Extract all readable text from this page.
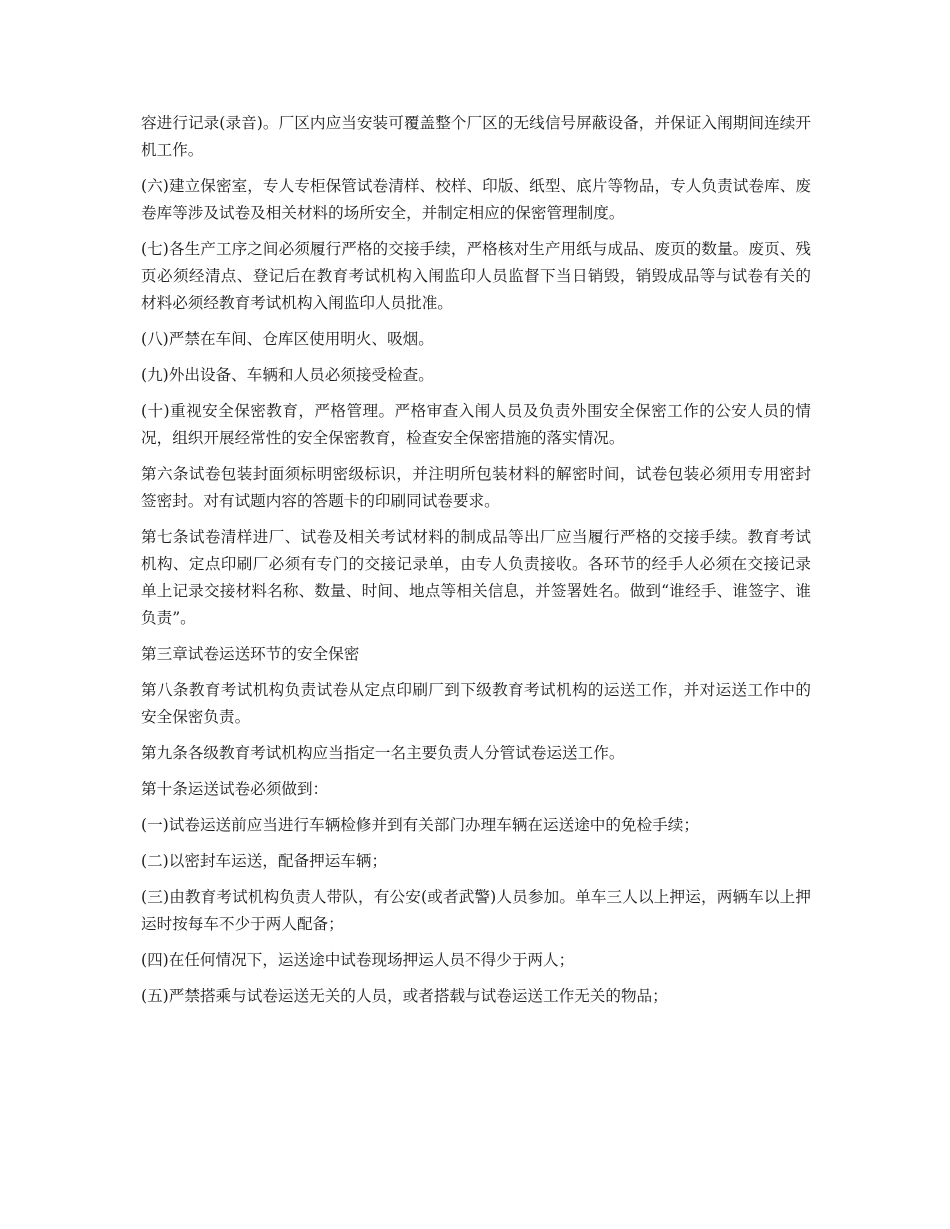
容进行记录(录音)。厂区内应当安装可覆盖整个厂区的无线信号屏蔽设备，并保证入闱期间连续开机工作。

(六)建立保密室，专人专柜保管试卷清样、校样、印版、纸型、底片等物品，专人负责试卷库、废卷库等涉及试卷及相关材料的场所安全，并制定相应的保密管理制度。

(七)各生产工序之间必须履行严格的交接手续，严格核对生产用纸与成品、废页的数量。废页、残页必须经清点、登记后在教育考试机构入闱监印人员监督下当日销毁，销毁成品等与试卷有关的材料必须经教育考试机构入闱监印人员批准。

(八)严禁在车间、仓库区使用明火、吸烟。

(九)外出设备、车辆和人员必须接受检查。

(十)重视安全保密教育，严格管理。严格审查入闱人员及负责外围安全保密工作的公安人员的情况，组织开展经常性的安全保密教育，检查安全保密措施的落实情况。

第六条试卷包装封面须标明密级标识，并注明所包装材料的解密时间，试卷包装必须用专用密封签密封。对有试题内容的答题卡的印刷同试卷要求。

第七条试卷清样进厂、试卷及相关考试材料的制成品等出厂应当履行严格的交接手续。教育考试机构、定点印刷厂必须有专门的交接记录单，由专人负责接收。各环节的经手人必须在交接记录单上记录交接材料名称、数量、时间、地点等相关信息，并签署姓名。做到“谁经手、谁签字、谁负责”。

第三章试卷运送环节的安全保密

第八条教育考试机构负责试卷从定点印刷厂到下级教育考试机构的运送工作，并对运送工作中的安全保密负责。

第九条各级教育考试机构应当指定一名主要负责人分管试卷运送工作。

第十条运送试卷必须做到：

(一)试卷运送前应当进行车辆检修并到有关部门办理车辆在运送途中的免检手续；

(二)以密封车运送，配备押运车辆；

(三)由教育考试机构负责人带队，有公安(或者武警)人员参加。单车三人以上押运，两辆车以上押运时按每车不少于两人配备；

(四)在任何情况下，运送途中试卷现场押运人员不得少于两人；

(五)严禁搭乘与试卷运送无关的人员，或者搭载与试卷运送工作无关的物品；
